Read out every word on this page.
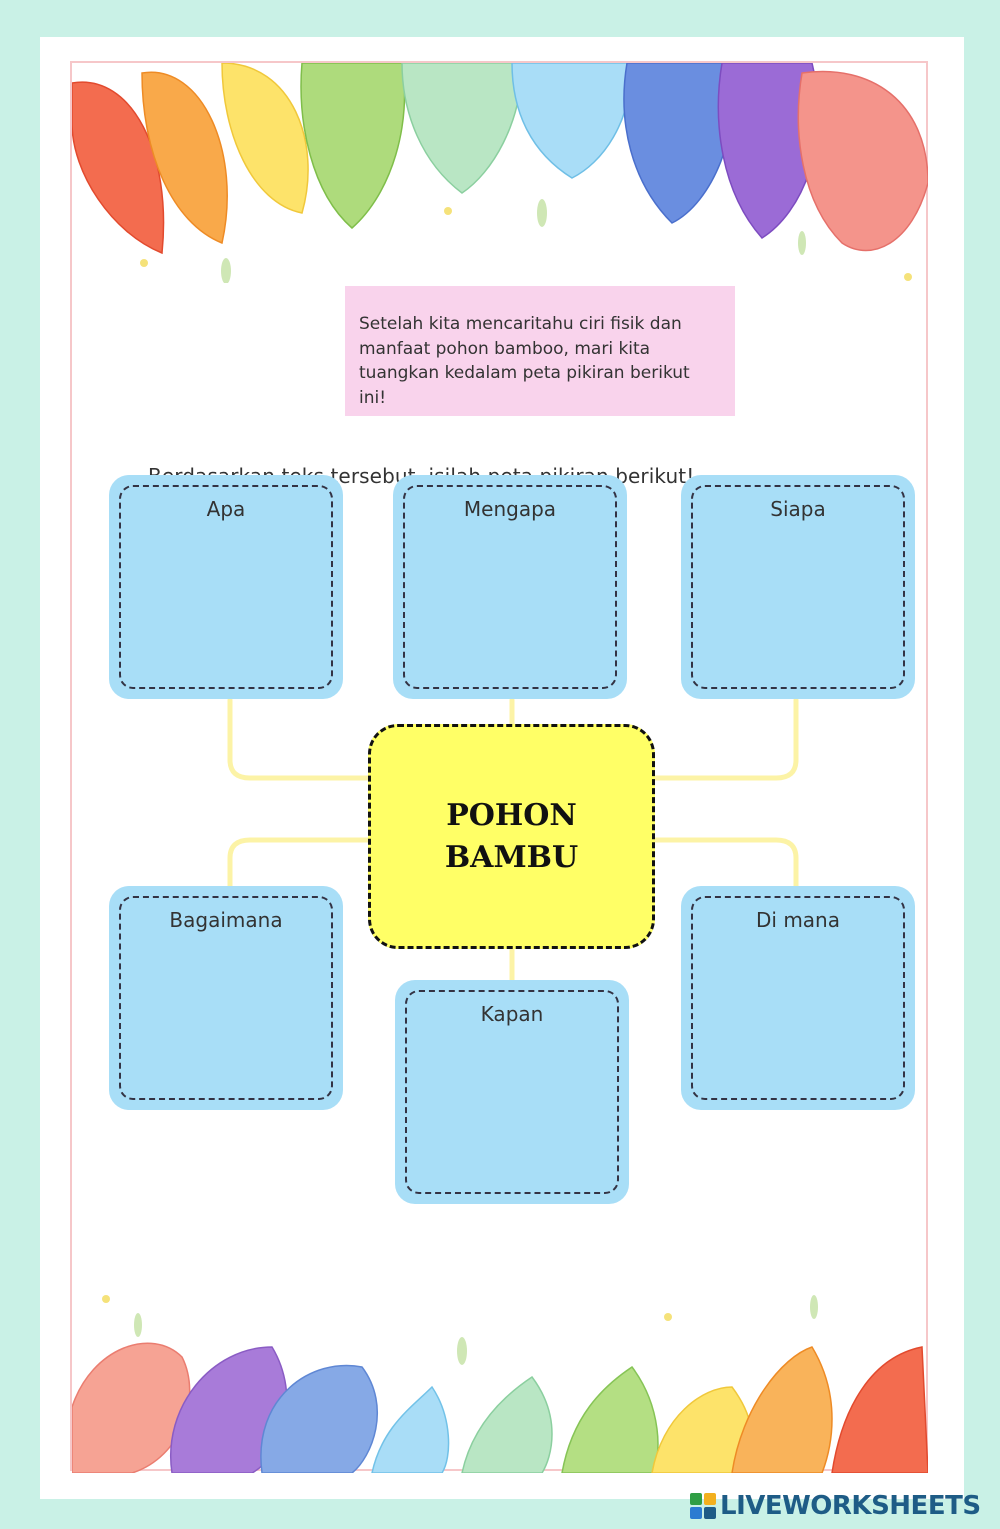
Setelah kita mencaritahu ciri fisik dan manfaat pohon bamboo, mari kita tuangkan kedalam peta pikiran berikut ini!
tersebut, berikut!
Apa	Mengapa	Siapa
Bagaimana
Kapan
Di mana
POHON
BAMBU
LIVEWORKSHEETS
